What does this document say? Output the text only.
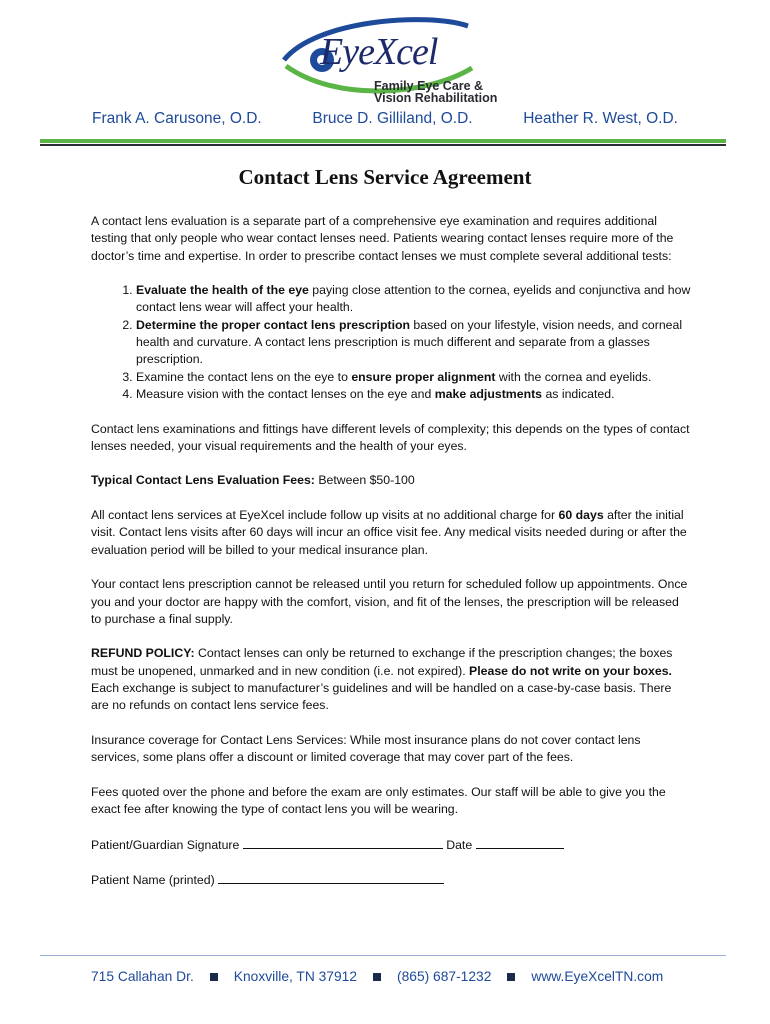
EyeXcel
Family Eye Care &
Vision Rehabilitation
Frank A. Carusone, O.D.	Bruce D. Gilliland, O.D.	Heather R. West, O.D.
Contact Lens Service Agreement

A contact lens evaluation is a separate part of a comprehensive eye examination and requires additional testing that only people who wear contact lenses need. Patients wearing contact lenses require more of the doctor’s time and expertise. In order to prescribe contact lenses we must complete several additional tests:

1. Evaluate the health of the eye paying close attention to the cornea, eyelids and conjunctiva and how contact lens wear will affect your health.
2. Determine the proper contact lens prescription based on your lifestyle, vision needs, and corneal health and curvature. A contact lens prescription is much different and separate from a glasses prescription.
3. Examine the contact lens on the eye to ensure proper alignment with the cornea and eyelids.
4. Measure vision with the contact lenses on the eye and make adjustments as indicated.

Contact lens examinations and fittings have different levels of complexity; this depends on the types of contact lenses needed, your visual requirements and the health of your eyes.

Typical Contact Lens Evaluation Fees: Between $50-100

All contact lens services at EyeXcel include follow up visits at no additional charge for 60 days after the initial visit. Contact lens visits after 60 days will incur an office visit fee. Any medical visits needed during or after the evaluation period will be billed to your medical insurance plan.

Your contact lens prescription cannot be released until you return for scheduled follow up appointments. Once you and your doctor are happy with the comfort, vision, and fit of the lenses, the prescription will be released to purchase a final supply.

REFUND POLICY: Contact lenses can only be returned to exchange if the prescription changes; the boxes must be unopened, unmarked and in new condition (i.e. not expired). Please do not write on your boxes. Each exchange is subject to manufacturer’s guidelines and will be handled on a case-by-case basis. There are no refunds on contact lens service fees.

Insurance coverage for Contact Lens Services: While most insurance plans do not cover contact lens services, some plans offer a discount or limited coverage that may cover part of the fees.

Fees quoted over the phone and before the exam are only estimates. Our staff will be able to give you the exact fee after knowing the type of contact lens you will be wearing.

Patient/Guardian Signature	Date
Patient Name (printed)
715 Callahan Dr.	Knoxville, TN 37912	(865) 687-1232	www.EyeXcelTN.com
